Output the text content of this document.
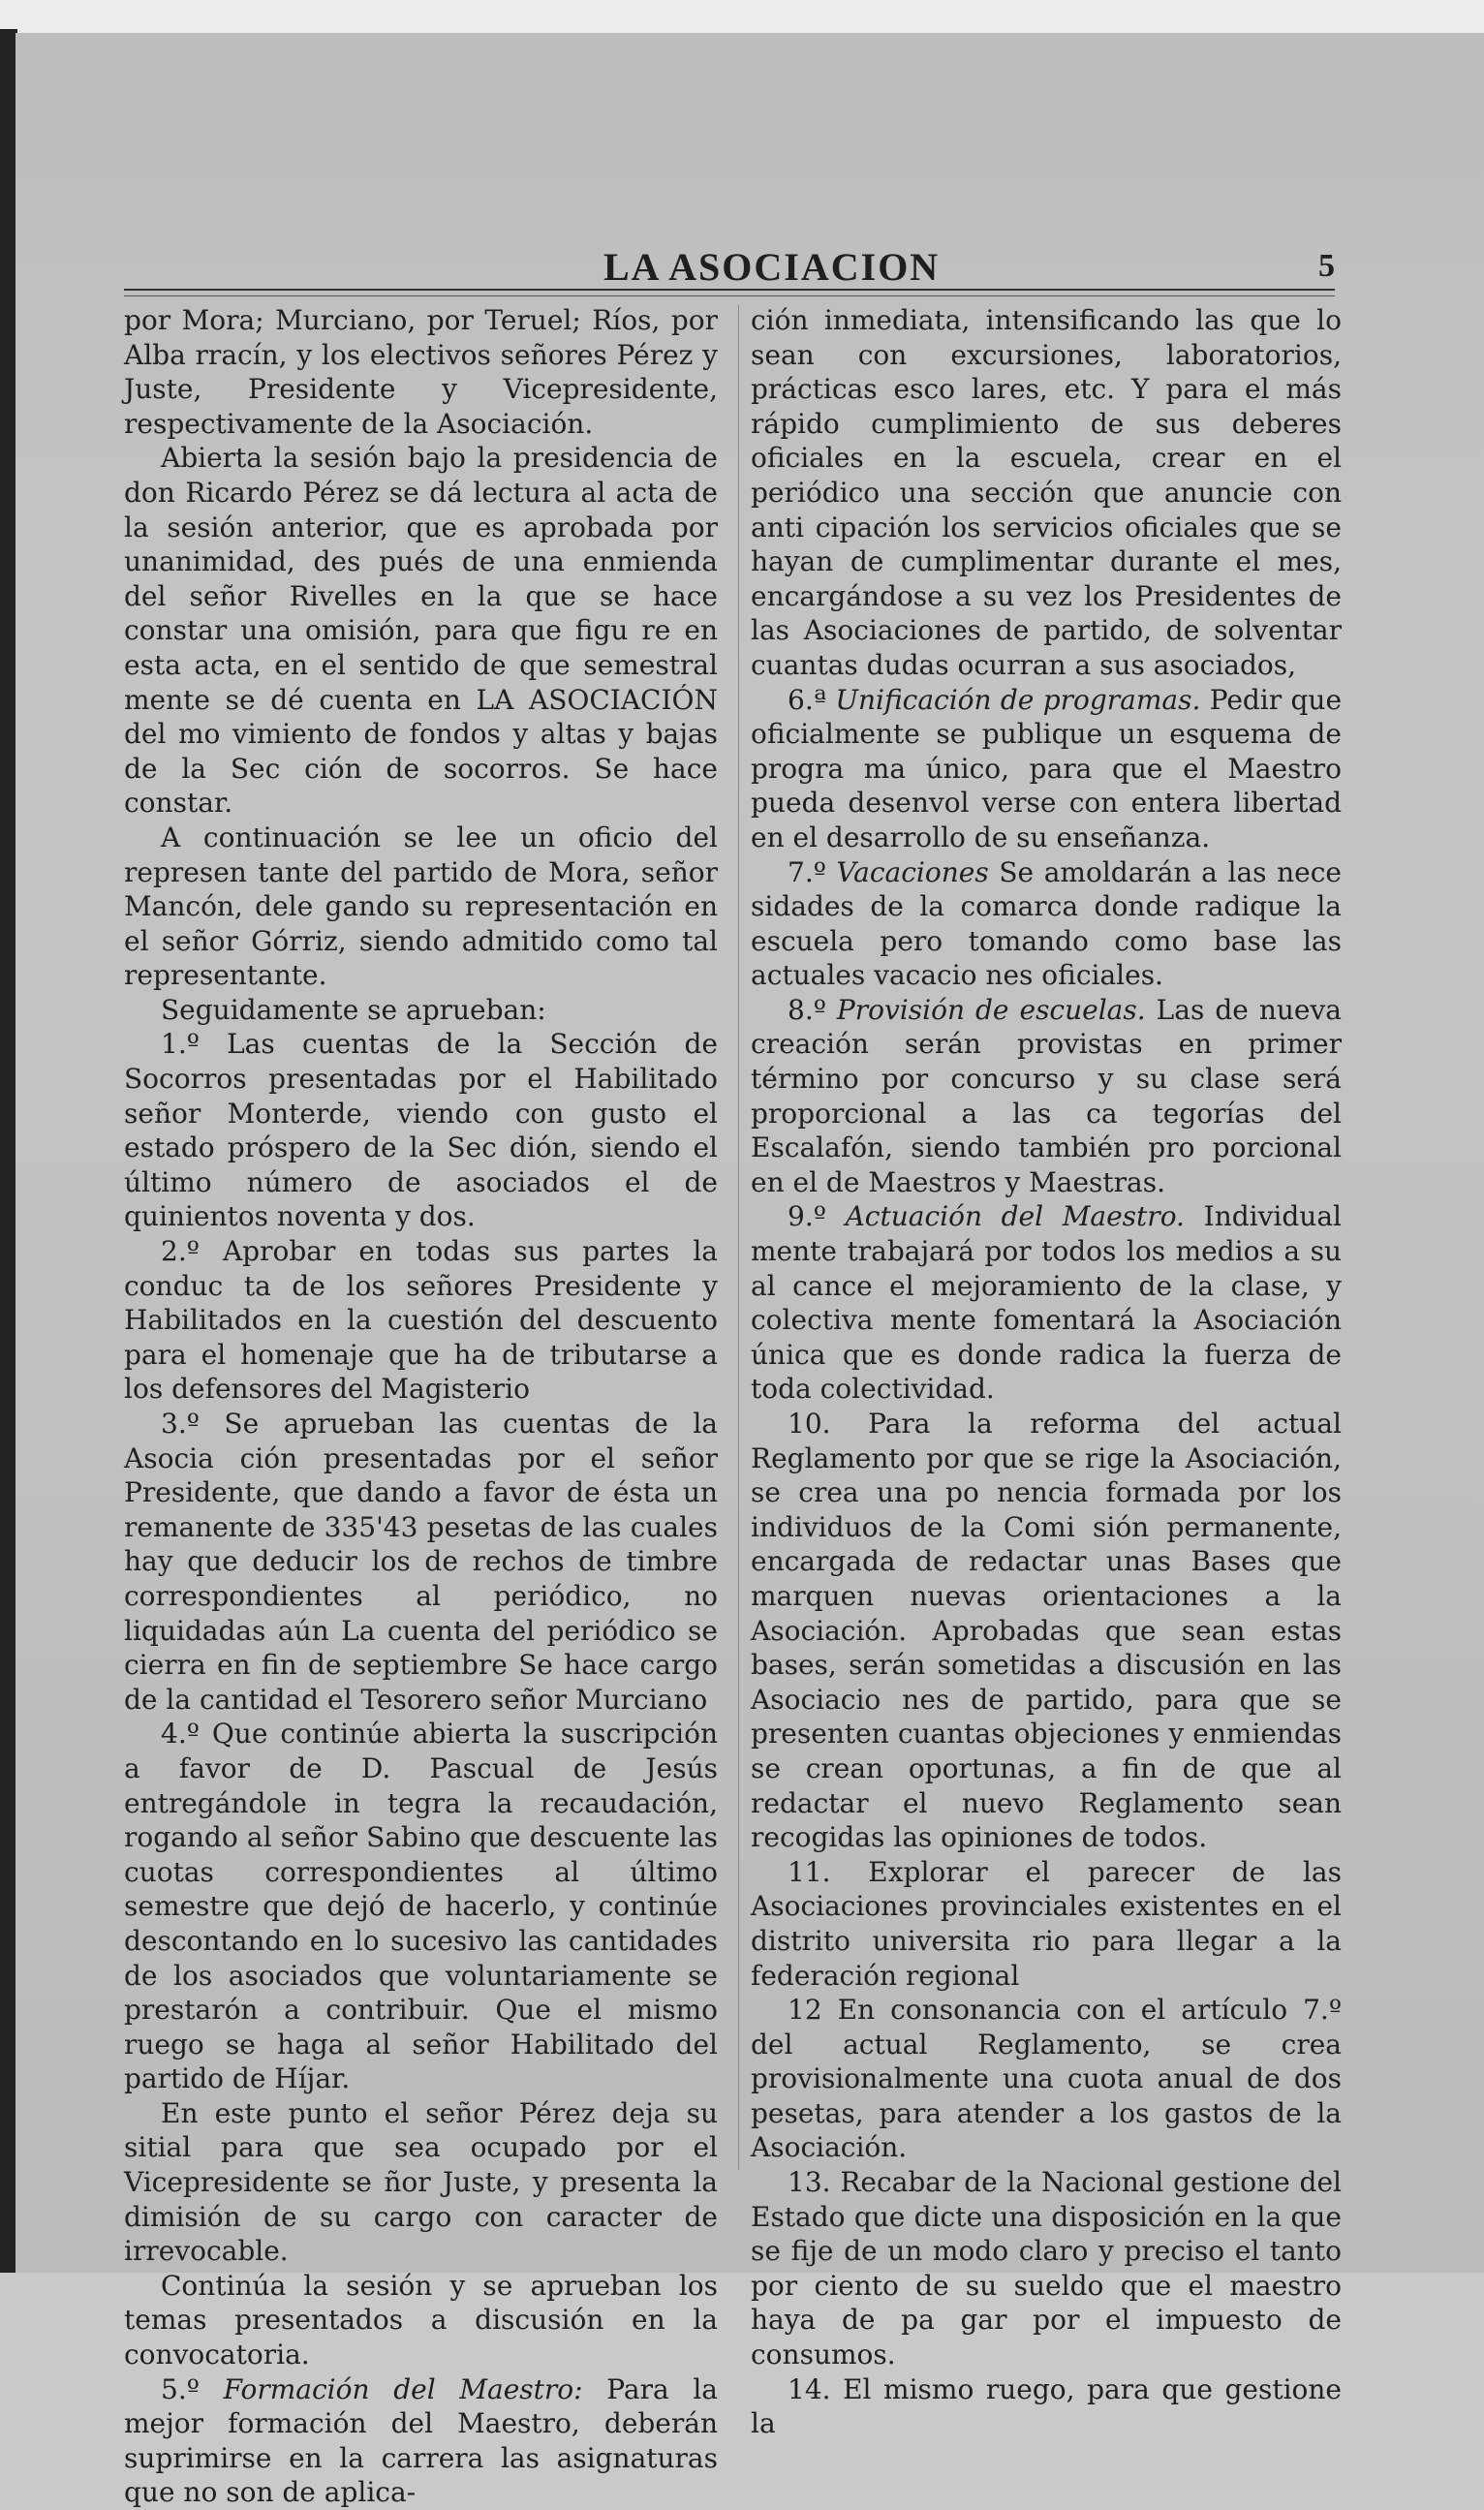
LA ASOCIACION	5

por Mora; Murciano, por Teruel; Ríos, por Alba rracín, y los electivos señores Pérez y Juste, Presidente y Vicepresidente, respectivamente de la Asociación.

Abierta la sesión bajo la presidencia de don Ricardo Pérez se dá lectura al acta de la sesión anterior, que es aprobada por unanimidad, des pués de una enmienda del señor Rivelles en la que se hace constar una omisión, para que figu re en esta acta, en el sentido de que semestral mente se dé cuenta en LA ASOCIACIÓN del mo vimiento de fondos y altas y bajas de la Sec ción de socorros. Se hace constar.

A continuación se lee un oficio del represen tante del partido de Mora, señor Mancón, dele gando su representación en el señor Górriz, siendo admitido como tal representante.

Seguidamente se aprueban:

1.º Las cuentas de la Sección de Socorros presentadas por el Habilitado señor Monterde, viendo con gusto el estado próspero de la Sec dión, siendo el último número de asociados el de quinientos noventa y dos.

2.º Aprobar en todas sus partes la conduc ta de los señores Presidente y Habilitados en la cuestión del descuento para el homenaje que ha de tributarse a los defensores del Magisterio

3.º Se aprueban las cuentas de la Asocia ción presentadas por el señor Presidente, que dando a favor de ésta un remanente de 335'43 pesetas de las cuales hay que deducir los de rechos de timbre correspondientes al periódico, no liquidadas aún La cuenta del periódico se cierra en fin de septiembre Se hace cargo de la cantidad el Tesorero señor Murciano

4.º Que continúe abierta la suscripción a favor de D. Pascual de Jesús entregándole in tegra la recaudación, rogando al señor Sabino que descuente las cuotas correspondientes al último semestre que dejó de hacerlo, y continúe descontando en lo sucesivo las cantidades de los asociados que voluntariamente se prestarón a contribuir. Que el mismo ruego se haga al señor Habilitado del partido de Híjar.

En este punto el señor Pérez deja su sitial para que sea ocupado por el Vicepresidente se ñor Juste, y presenta la dimisión de su cargo con caracter de irrevocable.

Continúa la sesión y se aprueban los temas presentados a discusión en la convocatoria.

5.º Formación del Maestro: Para la mejor formación del Maestro, deberán suprimirse en la carrera las asignaturas que no son de aplica-

ción inmediata, intensificando las que lo sean con excursiones, laboratorios, prácticas esco lares, etc. Y para el más rápido cumplimiento de sus deberes oficiales en la escuela, crear en el periódico una sección que anuncie con anti cipación los servicios oficiales que se hayan de cumplimentar durante el mes, encargándose a su vez los Presidentes de las Asociaciones de partido, de solventar cuantas dudas ocurran a sus asociados,

6.ª Unificación de programas. Pedir que oficialmente se publique un esquema de progra ma único, para que el Maestro pueda desenvol verse con entera libertad en el desarrollo de su enseñanza.

7.º Vacaciones Se amoldarán a las nece sidades de la comarca donde radique la escuela pero tomando como base las actuales vacacio nes oficiales.

8.º Provisión de escuelas. Las de nueva creación serán provistas en primer término por concurso y su clase será proporcional a las ca tegorías del Escalafón, siendo también pro porcional en el de Maestros y Maestras.

9.º Actuación del Maestro. Individual mente trabajará por todos los medios a su al cance el mejoramiento de la clase, y colectiva mente fomentará la Asociación única que es donde radica la fuerza de toda colectividad.

10. Para la reforma del actual Reglamento por que se rige la Asociación, se crea una po nencia formada por los individuos de la Comi sión permanente, encargada de redactar unas Bases que marquen nuevas orientaciones a la Asociación. Aprobadas que sean estas bases, serán sometidas a discusión en las Asociacio nes de partido, para que se presenten cuantas objeciones y enmiendas se crean oportunas, a fin de que al redactar el nuevo Reglamento sean recogidas las opiniones de todos.

11. Explorar el parecer de las Asociaciones provinciales existentes en el distrito universita rio para llegar a la federación regional

12 En consonancia con el artículo 7.º del actual Reglamento, se crea provisionalmente una cuota anual de dos pesetas, para atender a los gastos de la Asociación.

13. Recabar de la Nacional gestione del Estado que dicte una disposición en la que se fije de un modo claro y preciso el tanto por ciento de su sueldo que el maestro haya de pa gar por el impuesto de consumos.

14. El mismo ruego, para que gestione la
